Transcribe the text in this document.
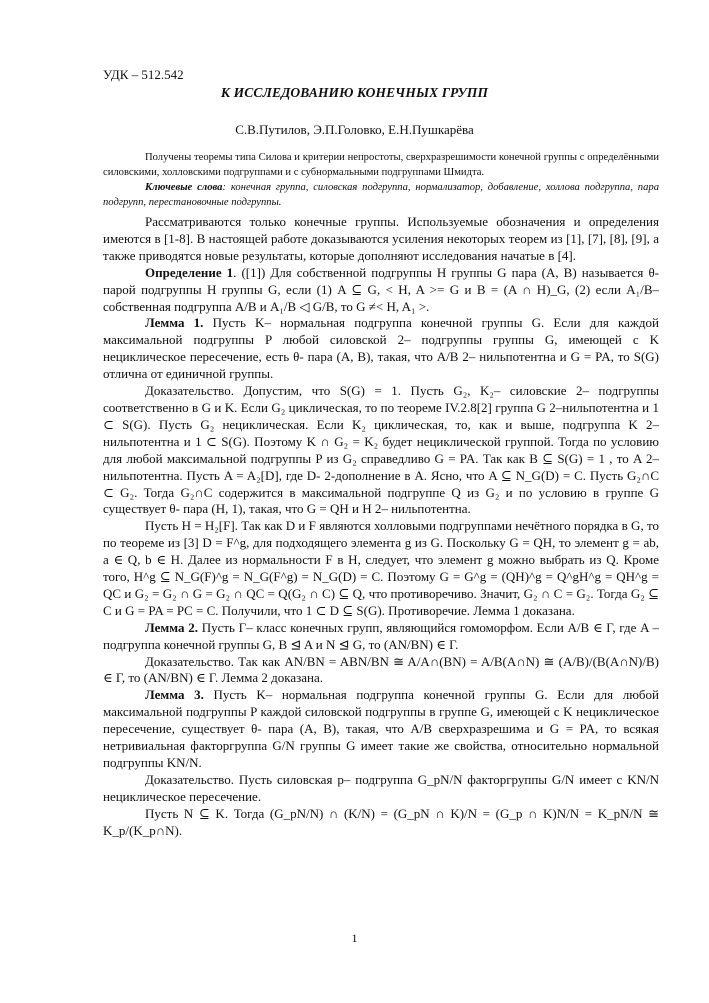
УДК – 512.542
К ИССЛЕДОВАНИЮ КОНЕЧНЫХ ГРУПП
С.В.Путилов, Э.П.Головко, Е.Н.Пушкарёва

Получены теоремы типа Силова и критерии непростоты, сверхразрешимости конечной группы с определёнными силовскими, холловскими подгруппами и с субнормальными подгруппами Шмидта.

Ключевые слова: конечная группа, силовская подгруппа, нормализатор, добавление, холлова подгруппа, пара подгрупп, перестановочные подгруппы.

Рассматриваются только конечные группы. Используемые обозначения и определения имеются в [1-8]. В настоящей работе доказываются усиления некоторых теорем из [1], [7], [8], [9], а также приводятся новые результаты, которые дополняют исследования начатые в [4].

Определение 1. ([1]) Для собственной подгруппы H группы G пара (A, B) называется θ- парой подгруппы H группы G, если (1) A ⊆ G, < H, A >= G и B = (A ∩ H)_G, (2) если A₁/B– собственная подгруппа A/B и A₁/B ◁ G/B, то G ≠< H, A₁ >.

Лемма 1. Пусть K– нормальная подгруппа конечной группы G. Если для каждой максимальной подгруппы P любой силовской 2– подгруппы группы G, имеющей с K нециклическое пересечение, есть θ- пара (A, B), такая, что A/B 2– нильпотентна и G = PA, то S(G) отлична от единичной группы.

Доказательство. Допустим, что S(G) = 1. Пусть G₂, K₂– силовские 2– подгруппы соответственно в G и K. Если G₂ циклическая, то по теореме IV.2.8[2] группа G 2–нильпотентна и 1 ⊂ S(G). Пусть G₂ нециклическая. Если K₂ циклическая, то, как и выше, подгруппа K 2–нильпотентна и 1 ⊂ S(G). Поэтому K ∩ G₂ = K₂ будет нециклической группой. Тогда по условию для любой максимальной подгруппы P из G₂ справедливо G = PA. Так как B ⊆ S(G) = 1 , то A 2– нильпотентна. Пусть A = A₂[D], где D- 2-дополнение в A. Ясно, что A ⊆ N_G(D) = C. Пусть G₂∩C ⊂ G₂. Тогда G₂∩C содержится в максимальной подгруппе Q из G₂ и по условию в группе G существует θ- пара (H, 1), такая, что G = QH и H 2– нильпотентна.

Пусть H = H₂[F]. Так как D и F являются холловыми подгруппами нечётного порядка в G, то по теореме из [3] D = F^g, для подходящего элемента g из G. Поскольку G = QH, то элемент g = ab, a ∈ Q, b ∈ H. Далее из нормальности F в H, следует, что элемент g можно выбрать из Q. Кроме того, H^g ⊆ N_G(F)^g = N_G(F^g) = N_G(D) = C. Поэтому G = G^g = (QH)^g = Q^gH^g = QH^g = QC и G₂ = G₂ ∩ G = G₂ ∩ QC = Q(G₂ ∩ C) ⊆ Q, что противоречиво. Значит, G₂ ∩ C = G₂. Тогда G₂ ⊆ C и G = PA = PC = C. Получили, что 1 ⊂ D ⊆ S(G). Противоречие. Лемма 1 доказана.

Лемма 2. Пусть Г– класс конечных групп, являющийся гомоморфом. Если A/B ∈ Г, где A – подгруппа конечной группы G, B ⊴ A и N ⊴ G, то (AN/BN) ∈ Г.

Доказательство. Так как AN/BN = ABN/BN ≅ A/A∩(BN) = A/B(A∩N) ≅ (A/B)/(B(A∩N)/B) ∈ Г, то (AN/BN) ∈ Г. Лемма 2 доказана.

Лемма 3. Пусть K– нормальная подгруппа конечной группы G. Если для любой максимальной подгруппы P каждой силовской подгруппы в группе G, имеющей с K нециклическое пересечение, существует θ- пара (A, B), такая, что A/B сверхразрешима и G = PA, то всякая нетривиальная факторгруппа G/N группы G имеет такие же свойства, относительно нормальной подгруппы KN/N.

Доказательство. Пусть силовская p– подгруппа G_pN/N факторгруппы G/N имеет с KN/N нециклическое пересечение.

Пусть N ⊆ K. Тогда (G_pN/N) ∩ (K/N) = (G_pN ∩ K)/N = (G_p ∩ K)N/N = K_pN/N ≅ K_p/(K_p∩N).

1
